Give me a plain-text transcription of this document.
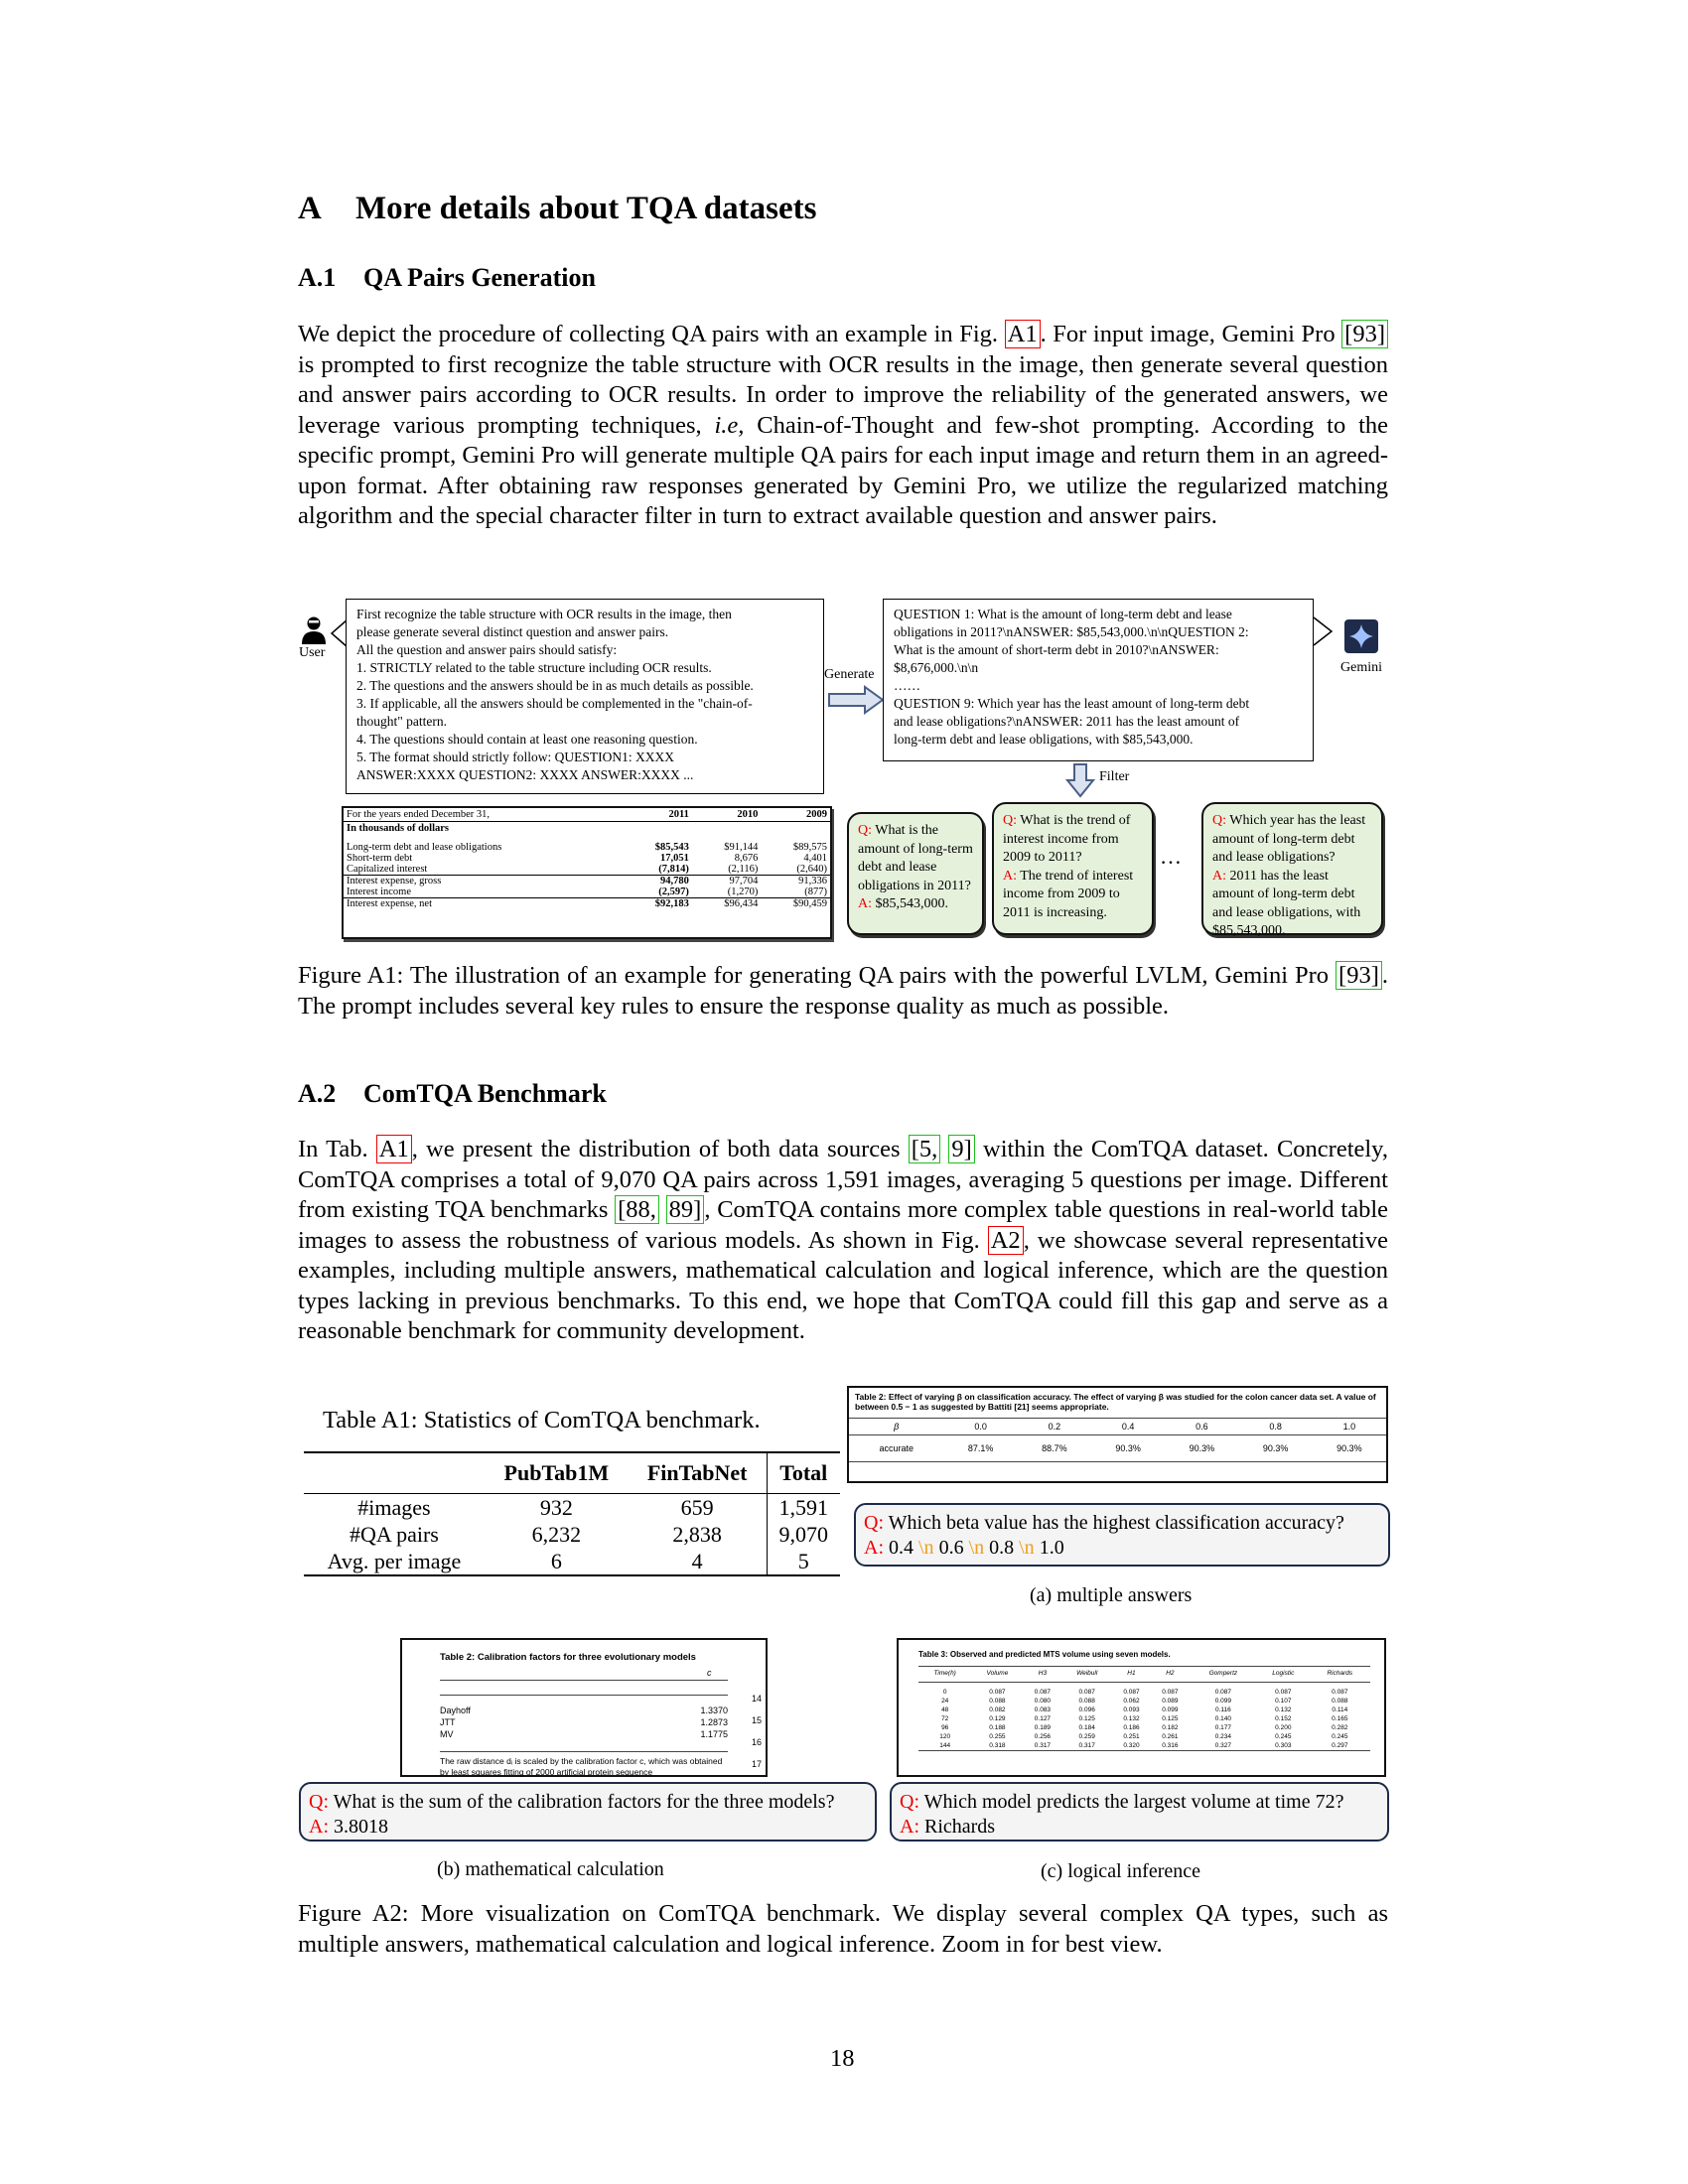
A More details about TQA datasets
A.1 QA Pairs Generation
We depict the procedure of collecting QA pairs with an example in Fig. A1 . For input image, Gemini Pro [93] is prompted to first recognize the table structure with OCR results in the image, then generate several question and answer pairs according to OCR results. In order to improve the reliability of the generated answers, we leverage various prompting techniques, i.e, Chain-of-Thought and few-shot prompting. According to the specific prompt, Gemini Pro will generate multiple QA pairs for each input image and return them in an agreed-upon format. After obtaining raw responses generated by Gemini Pro, we utilize the regularized matching algorithm and the special character filter in turn to extract available question and answer pairs.
User
First recognize the table structure with OCR results in the image, then
please generate several distinct question and answer pairs.
All the question and answer pairs should satisfy:
1. STRICTLY related to the table structure including OCR results.
2. The questions and the answers should be in as much details as possible.
3. If applicable, all the answers should be complemented in the "chain-of-
thought" pattern.
4. The questions should contain at least one reasoning question.
5. The format should strictly follow: QUESTION1: XXXX
ANSWER:XXXX QUESTION2: XXXX ANSWER:XXXX ...
Generate
QUESTION 1: What is the amount of long-term debt and lease
obligations in 2011?\nANSWER: $85,543,000.\n\nQUESTION 2:
What is the amount of short-term debt in 2010?\nANSWER:
$8,676,000.\n\n
……
QUESTION 9: Which year has the least amount of long-term debt
and lease obligations?\nANSWER: 2011 has the least amount of
long-term debt and lease obligations, with $85,543,000.
Gemini
Filter
For the years ended December 31,	2011	2010	2009
In thousands of dollars			
Long-term debt and lease obligations	$85,543	$91,144	$89,575
Short-term debt	17,051	8,676	4,401
Capitalized interest	(7,814)	(2,116)	(2,640)
Interest expense, gross	94,780	97,704	91,336
Interest income	(2,597)	(1,270)	(877)
Interest expense, net	$92,183	$96,434	$90,459
Q: What is the amount of long-term debt and lease obligations in 2011?
A: $85,543,000.
Q: What is the trend of interest income from 2009 to 2011?
A: The trend of interest income from 2009 to 2011 is increasing.
…
Q: Which year has the least amount of long-term debt and lease obligations?
A: 2011 has the least amount of long-term debt and lease obligations, with $85,543,000.
Figure A1: The illustration of an example for generating QA pairs with the powerful LVLM, Gemini Pro [93] . The prompt includes several key rules to ensure the response quality as much as possible.
A.2 ComTQA Benchmark
In Tab. A1 , we present the distribution of both data sources [5, 9] within the ComTQA dataset. Concretely, ComTQA comprises a total of 9,070 QA pairs across 1,591 images, averaging 5 questions per image. Different from existing TQA benchmarks [88, 89] , ComTQA contains more complex table questions in real-world table images to assess the robustness of various models. As shown in Fig. A2 , we showcase several representative examples, including multiple answers, mathematical calculation and logical inference, which are the question types lacking in previous benchmarks. To this end, we hope that ComTQA could fill this gap and serve as a reasonable benchmark for community development.
Table A1: Statistics of ComTQA benchmark.
	PubTab1M	FinTabNet	Total
#images	932	659	1,591
#QA pairs	6,232	2,838	9,070
Avg. per image	6	4	5
Table 2: Effect of varying β on classification accuracy. The effect of varying β was studied for the colon cancer data set. A value of between 0.5 − 1 as suggested by Battiti [21] seems appropriate.
β	0.0	0.2	0.4	0.6	0.8	1.0
accurate	87.1%	88.7%	90.3%	90.3%	90.3%	90.3%
Q: Which beta value has the highest classification accuracy?
A: 0.4 \n 0.6 \n 0.8 \n 1.0
(a) multiple answers
Table 2: Calibration factors for three evolutionary models
c
Dayhoff	1.3370
JTT	1.2873
MV	1.1775
The raw distance dᵢ is scaled by the calibration factor c, which was obtained by least squares fitting of 2000 artificial protein sequence
14
15
16
17
Q: What is the sum of the calibration factors for the three models?
A: 3.8018
(b) mathematical calculation
Table 3: Observed and predicted MTS volume using seven models.
Time(h)	Volume	H3	Weibull	H1	H2	Gompertz	Logistic	Richards
0	0.087	0.087	0.087	0.087	0.087	0.087	0.087	0.087
24	0.088	0.080	0.088	0.062	0.089	0.099	0.107	0.088
48	0.082	0.083	0.096	0.093	0.099	0.116	0.132	0.114
72	0.129	0.127	0.125	0.132	0.125	0.140	0.152	0.165
96	0.188	0.189	0.184	0.186	0.182	0.177	0.200	0.282
120	0.255	0.256	0.259	0.251	0.261	0.234	0.245	0.245
144	0.318	0.317	0.317	0.320	0.316	0.327	0.303	0.297
Q: Which model predicts the largest volume at time 72?
A: Richards
(c) logical inference
Figure A2: More visualization on ComTQA benchmark. We display several complex QA types, such as multiple answers, mathematical calculation and logical inference. Zoom in for best view.
18
